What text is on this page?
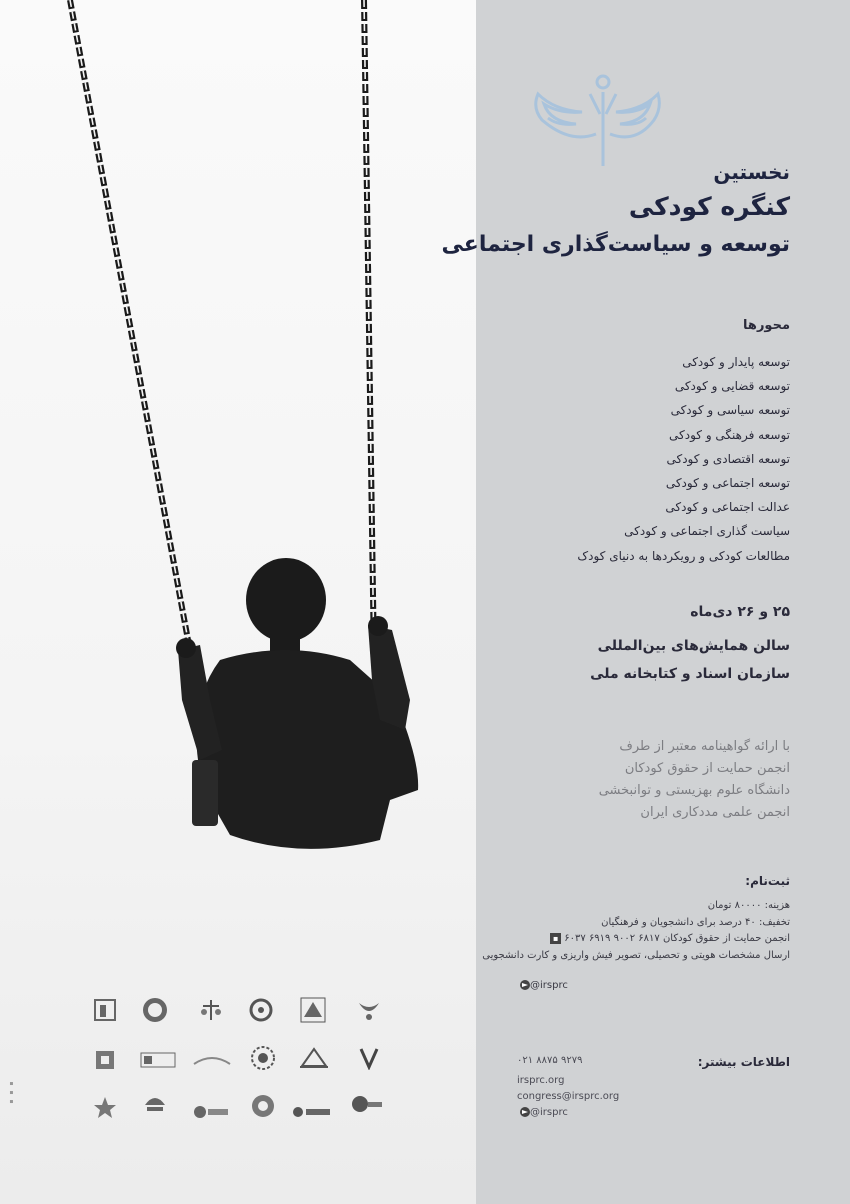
▪ ▪ ▪
نخستین
کنگره کودکی
توسعه و سیاست‌گذاری اجتماعی
محورها
توسعه پایدار و کودکی
توسعه قضایی و کودکی
توسعه سیاسی و کودکی
توسعه فرهنگی و کودکی
توسعه اقتصادی و کودکی
توسعه اجتماعی و کودکی
عدالت اجتماعی و کودکی
سیاست گذاری اجتماعی و کودکی
مطالعات کودکی و رویکردها به دنیای کودک
۲۵ و ۲۶ دی‌ماه
سالن همایش‌های بین‌المللی
سازمان اسناد و کتابخانه ملی
با ارائه گواهینامه معتبر از طرف
انجمن حمایت از حقوق کودکان
دانشگاه علوم بهزیستی و توانبخشی
انجمن علمی مددکاری ایران
ثبت‌نام:
هزینه: ۸۰۰۰۰ تومان
تخفیف: ۴۰ درصد برای دانشجویان و فرهنگیان
انجمن حمایت از حقوق کودکان ۶۸۱۷ ۹۰۰۲ ۶۹۱۹ ۶۰۳۷▪
ارسال مشخصات هویتی و تحصیلی، تصویر فیش واریزی و کارت دانشجویی
@irsprc
اطلاعات بیشتر:
۰۲۱ ۸۸۷۵ ۹۲۷۹
irsprc.org
congress@irsprc.org
@irsprc
